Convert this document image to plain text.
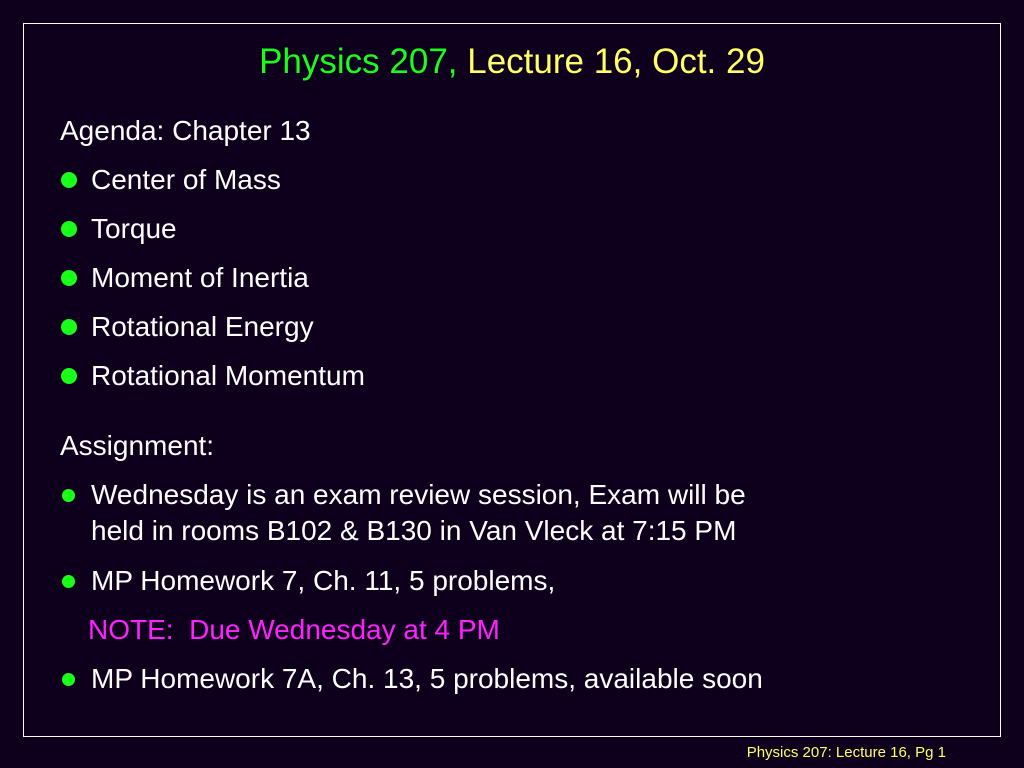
Physics 207, Lecture 16, Oct. 29
Agenda: Chapter 13
Center of Mass
Torque
Moment of Inertia
Rotational Energy
Rotational Momentum
Assignment:
Wednesday is an exam review session, Exam will be
held in rooms B102 & B130 in Van Vleck at 7:15 PM
MP Homework 7, Ch. 11, 5 problems,
NOTE:  Due Wednesday at 4 PM
MP Homework 7A, Ch. 13, 5 problems, available soon
Physics 207: Lecture 16, Pg 1
